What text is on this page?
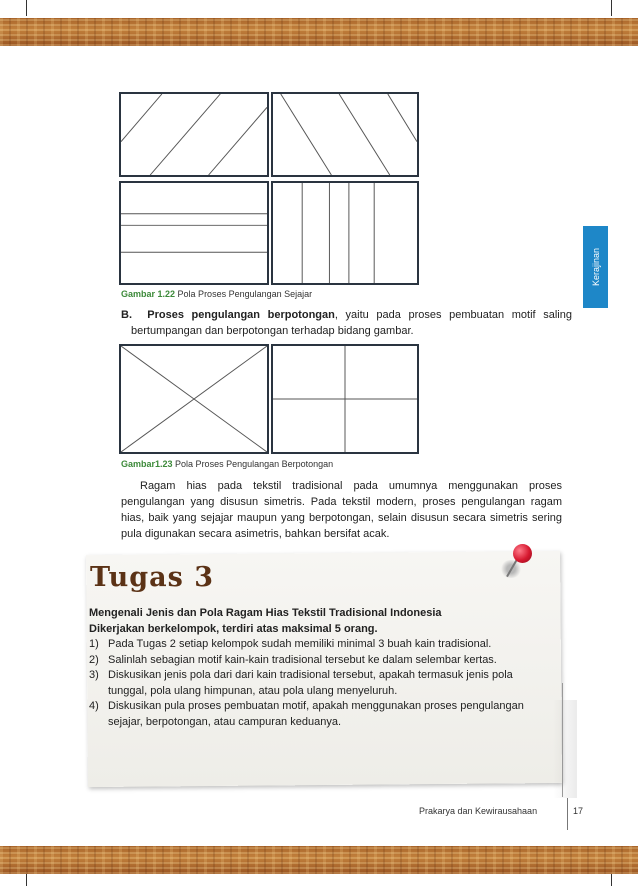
Kerajinan
Gambar 1.22 Pola Proses Pengulangan Sejajar
B. Proses pengulangan berpotongan, yaitu pada proses pembuatan motif saling bertumpangan dan berpotongan terhadap bidang gambar.
Gambar1.23 Pola Proses Pengulangan Berpotongan
Ragam hias pada tekstil tradisional pada umumnya menggunakan proses pengulangan yang disusun simetris. Pada tekstil modern, proses pengulangan ragam hias, baik yang sejajar maupun yang berpotongan, selain disusun secara simetris sering pula digunakan secara asimetris, bahkan bersifat acak.
Tugas 3
Mengenali Jenis dan Pola Ragam Hias Tekstil Tradisional Indonesia
Dikerjakan berkelompok, terdiri atas maksimal 5 orang.
1) Pada Tugas 2 setiap kelompok sudah memiliki minimal 3 buah kain tradisional.
2) Salinlah sebagian motif kain-kain tradisional tersebut ke dalam selembar kertas.
3) Diskusikan jenis pola dari dari kain tradisional tersebut, apakah termasuk jenis pola tunggal, pola ulang himpunan, atau pola ulang menyeluruh.
4) Diskusikan pula proses pembuatan motif, apakah menggunakan proses pengulangan sejajar, berpotongan, atau campuran keduanya.
Prakarya dan Kewirausahaan	17
